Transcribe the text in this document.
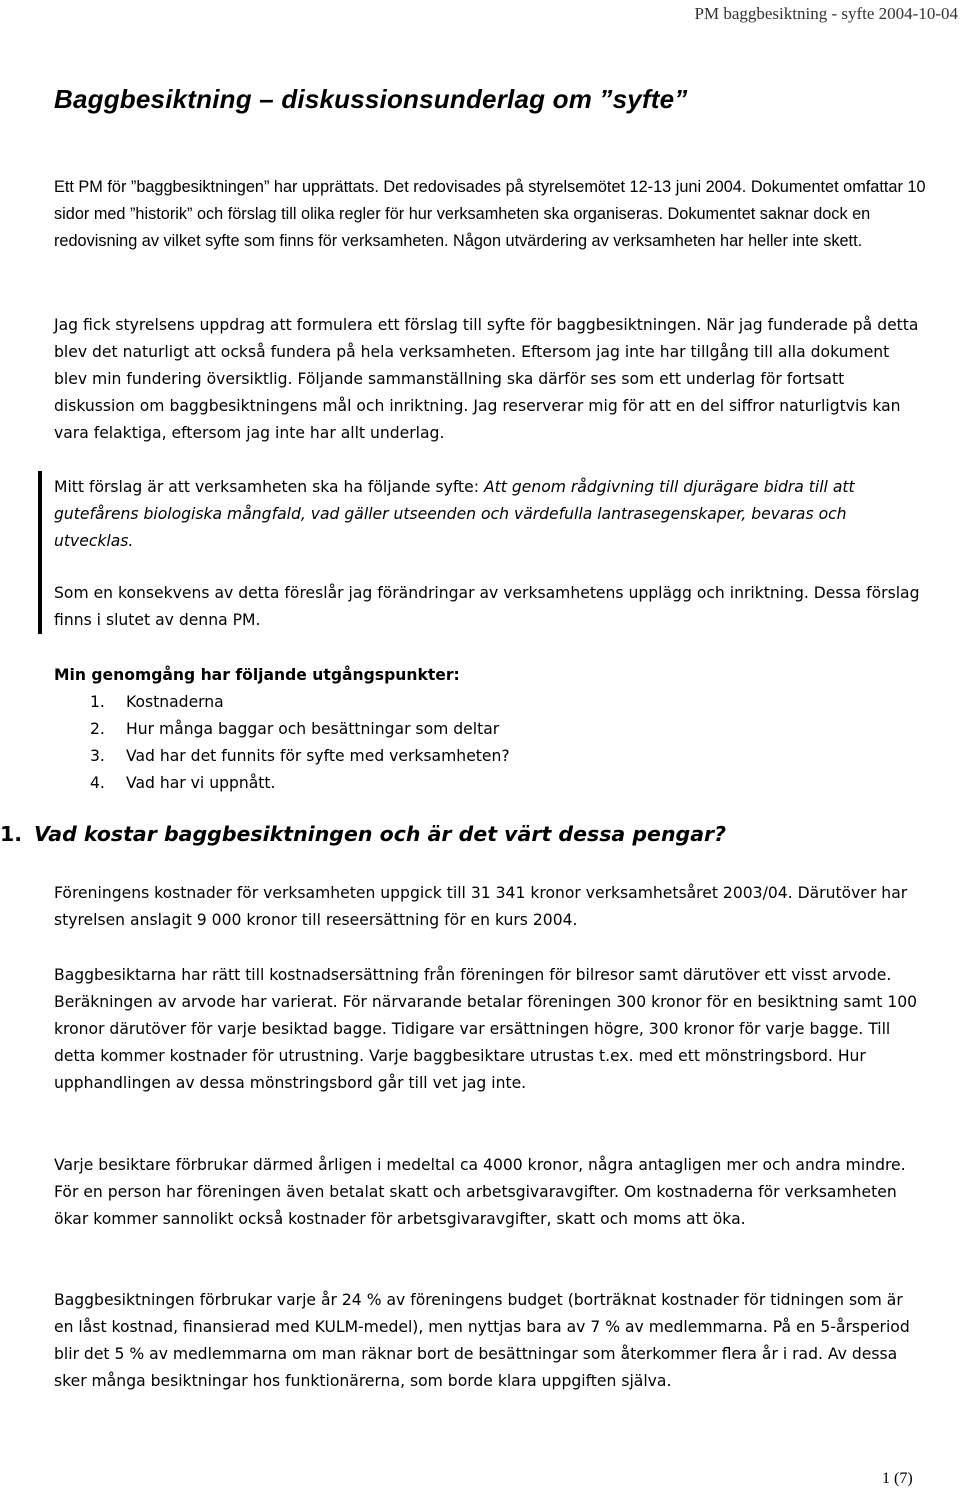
PM baggbesiktning - syfte 2004-10-04
Baggbesiktning – diskussionsunderlag om ”syfte”

Ett PM för ”baggbesiktningen” har upprättats. Det redovisades på styrelsemötet 12-13 juni 2004. Dokumentet omfattar 10 sidor med ”historik” och förslag till olika regler för hur verksamheten ska organiseras. Dokumentet saknar dock en redovisning av vilket syfte som finns för verksamheten. Någon utvärdering av verksamheten har heller inte skett.

Jag fick styrelsens uppdrag att formulera ett förslag till syfte för baggbesiktningen. När jag funderade på detta blev det naturligt att också fundera på hela verksamheten. Eftersom jag inte har tillgång till alla dokument blev min fundering översiktlig. Följande sammanställning ska därför ses som ett underlag för fortsatt diskussion om baggbesiktningens mål och inriktning. Jag reserverar mig för att en del siffror naturligtvis kan vara felaktiga, eftersom jag inte har allt underlag.

Mitt förslag är att verksamheten ska ha följande syfte: Att genom rådgivning till djurägare bidra till att gutefårens biologiska mångfald, vad gäller utseenden och värdefulla lantrasegenskaper, bevaras och utvecklas.

Som en konsekvens av detta föreslår jag förändringar av verksamhetens upplägg och inriktning. Dessa förslag finns i slutet av denna PM.

Min genomgång har följande utgångspunkter:

1. Kostnaderna
2. Hur många baggar och besättningar som deltar
3. Vad har det funnits för syfte med verksamheten?
4. Vad har vi uppnått.
1. Vad kostar baggbesiktningen och är det värt dessa pengar?

Föreningens kostnader för verksamheten uppgick till 31 341 kronor verksamhetsåret 2003/04. Därutöver har styrelsen anslagit 9 000 kronor till reseersättning för en kurs 2004.

Baggbesiktarna har rätt till kostnadsersättning från föreningen för bilresor samt därutöver ett visst arvode. Beräkningen av arvode har varierat. För närvarande betalar föreningen 300 kronor för en besiktning samt 100 kronor därutöver för varje besiktad bagge. Tidigare var ersättningen högre, 300 kronor för varje bagge. Till detta kommer kostnader för utrustning. Varje baggbesiktare utrustas t.ex. med ett mönstringsbord. Hur upphandlingen av dessa mönstringsbord går till vet jag inte.

Varje besiktare förbrukar därmed årligen i medeltal ca 4000 kronor, några antagligen mer och andra mindre. För en person har föreningen även betalat skatt och arbetsgivaravgifter. Om kostnaderna för verksamheten ökar kommer sannolikt också kostnader för arbetsgivaravgifter, skatt och moms att öka.

Baggbesiktningen förbrukar varje år 24 % av föreningens budget (borträknat kostnader för tidningen som är en låst kostnad, finansierad med KULM-medel), men nyttjas bara av 7 % av medlemmarna. På en 5-årsperiod blir det 5 % av medlemmarna om man räknar bort de besättningar som återkommer flera år i rad. Av dessa sker många besiktningar hos funktionärerna, som borde klara uppgiften själva.

1 (7)
